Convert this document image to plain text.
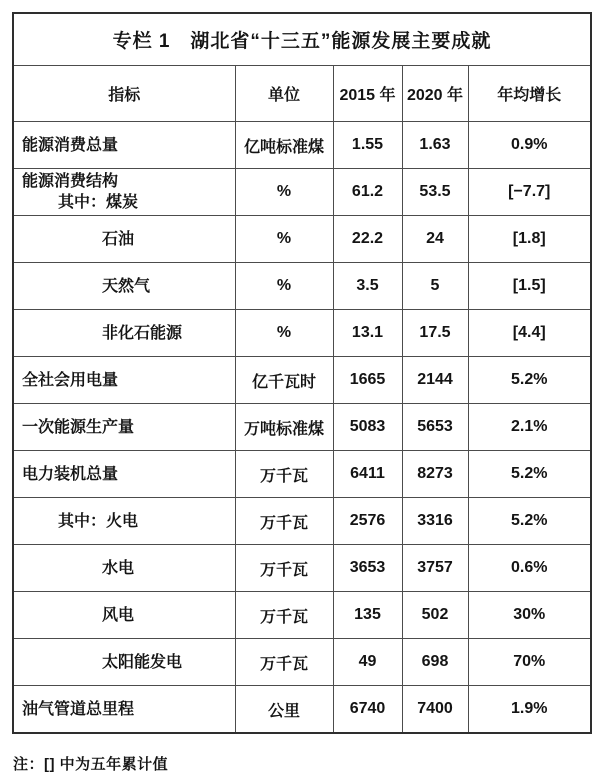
专栏 1　湖北省“十三五”能源发展主要成就				
指标	单位	2015 年	2020 年	年均增长

能源消费总量	亿吨标准煤	1.55	1.63	0.9%

能源消费结构
其中：煤炭	%	61.2	53.5	[−7.7]

石油	%	22.2	24	[1.8]

天然气	%	3.5	5	[1.5]

非化石能源	%	13.1	17.5	[4.4]

全社会用电量	亿千瓦时	1665	2144	5.2%

一次能源生产量	万吨标准煤	5083	5653	2.1%

电力装机总量	万千瓦	6411	8273	5.2%

其中：火电	万千瓦	2576	3316	5.2%

水电	万千瓦	3653	3757	0.6%

风电	万千瓦	135	502	30%

太阳能发电	万千瓦	49	698	70%

油气管道总里程	公里	6740	7400	1.9%
注：[] 中为五年累计值
